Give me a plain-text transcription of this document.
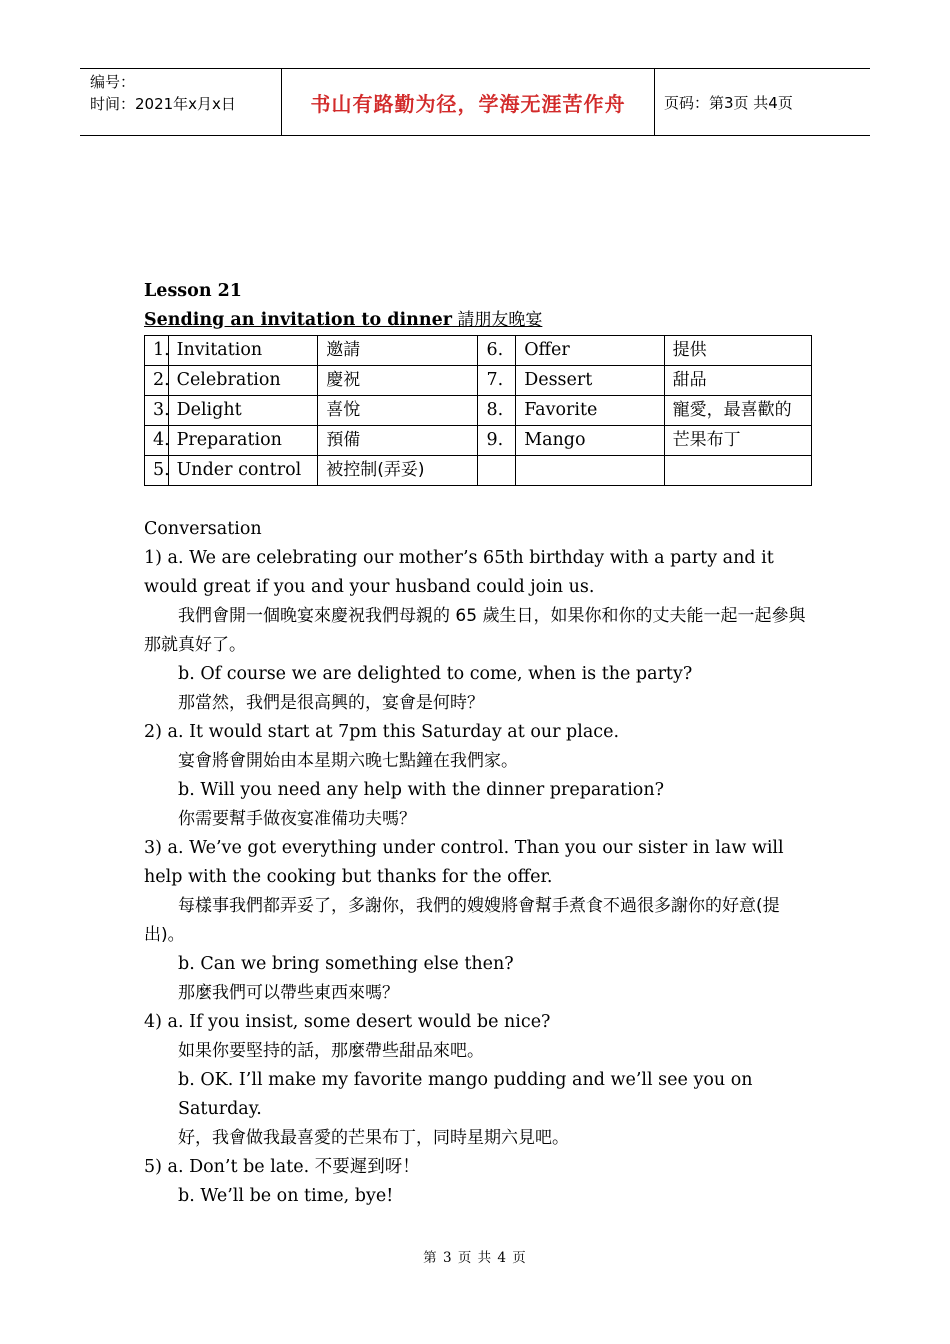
编号：
时间：2021年x月x日	书山有路勤为径，学海无涯苦作舟	页码：第3页 共4页
Lesson 21
Sending an invitation to dinner 請朋友晚宴
1.	Invitation	邀請	6.	Offer	提供
2.	Celebration	慶祝	7.	Dessert	甜品
3.	Delight	喜悅	8.	Favorite	寵愛，最喜歡的
4.	Preparation	預備	9.	Mango	芒果布丁
5.	Under control	被控制(弄妥)			
Conversation
1) a. We are celebrating our mother’s 65th birthday with a party and it would great if you and your husband could join us.
我們會開一個晚宴來慶祝我們母親的 65 歲生日，如果你和你的丈夫能一起一起參與那就真好了。
b. Of course we are delighted to come, when is the party?
那當然，我們是很高興的，宴會是何時？
2) a. It would start at 7pm this Saturday at our place.
宴會將會開始由本星期六晚七點鐘在我們家。
b. Will you need any help with the dinner preparation?
你需要幫手做夜宴准備功夫嗎？
3) a. We’ve got everything under control. Than you our sister in law will help with the cooking but thanks for the offer.
每樣事我們都弄妥了，多謝你，我們的嫂嫂將會幫手煮食不過很多謝你的好意(提出)。
b. Can we bring something else then?
那麼我們可以帶些東西來嗎？
4) a. If you insist, some desert would be nice?
如果你要堅持的話，那麼帶些甜品來吧。
b. OK. I’ll make my favorite mango pudding and we’ll see you on Saturday.
好，我會做我最喜愛的芒果布丁，同時星期六見吧。
5) a. Don’t be late. 不要遲到呀！
b. We’ll be on time, bye!
第 3 页 共 4 页
